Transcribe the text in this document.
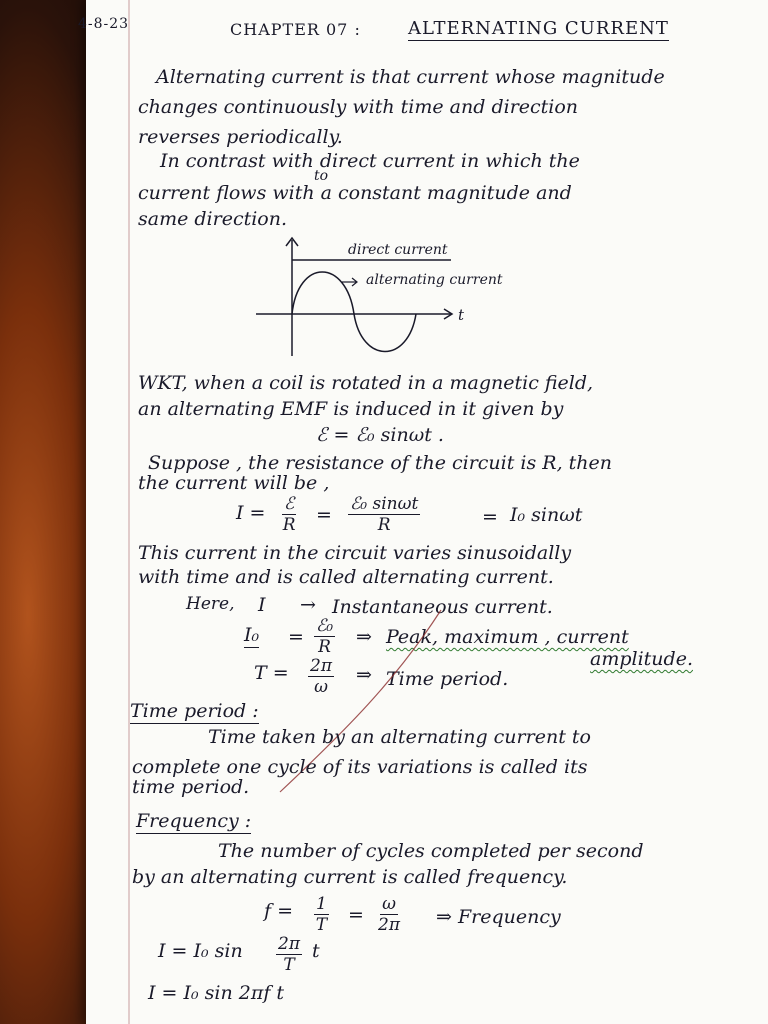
4-8-23	CHAPTER 07 :	ALTERNATING CURRENT
Alternating current is that current whose magnitude
changes continuously with time and direction
reverses periodically.
In contrast with direct current in which the
to
current flows with a constant magnitude and
same direction.
direct current
alternating current
t
WKT, when a coil is rotated in a magnetic field,
an alternating EMF is induced in it given by
ℰ = ℰ₀ sinωt .
Suppose , the resistance of the circuit is R, then
the current will be ,
I = ℰ
R = ℰ₀ sinωt
R	= I₀ sinωt
This current in the circuit varies sinusoidally
with time and is called alternating current.
Here, I → Instantaneous current.
I₀ = ℰ₀
R ⇒ Peak, maximum , current
amplitude.
$T = \frac{2\pi}{\omega}$ ⇒ Time period.
Time period :
Time taken by an alternating current to
complete one cycle of its variations is called its
time period.
Frequency :
The number of cycles completed per second
by an alternating current is called frequency.
$f = \frac{1}{T} = \frac{\omega}{2\pi}$ ⇒ Frequency
I = I₀ $\sin \frac{2\pi}{T}$ t
I = I₀ sin 2πf t
